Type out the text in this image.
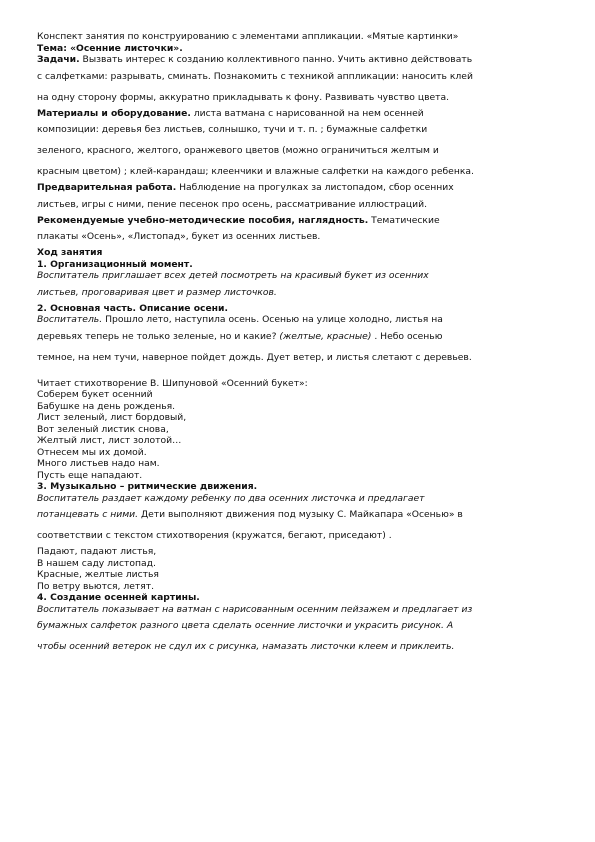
Конспект занятия по конструированию с элементами аппликации. «Мятые картинки»
Тема: «Осенние листочки».
Задачи. Вызвать интерес к созданию коллективного панно. Учить активно действовать
с салфетками: разрывать, сминать. Познакомить с техникой аппликации: наносить клей
на одну сторону формы, аккуратно прикладывать к фону. Развивать чувство цвета.
Материалы и оборудование. листа ватмана с нарисованной на нем осенней
композиции: деревья без листьев, солнышко, тучи и т. п. ; бумажные салфетки
зеленого, красного, желтого, оранжевого цветов (можно ограничиться желтым и
красным цветом) ; клей-карандаш; клеенчики и влажные салфетки на каждого ребенка.
Предварительная работа. Наблюдение на прогулках за листопадом, сбор осенних
листьев, игры с ними, пение песенок про осень, рассматривание иллюстраций.
Рекомендуемые учебно-методические пособия, наглядность. Тематические
плакаты «Осень», «Листопад», букет из осенних листьев.
Ход занятия
1. Организационный момент.
Воспитатель приглашает всех детей посмотреть на красивый букет из осенних
листьев, проговаривая цвет и размер листочков.
2. Основная часть. Описание осени.
Воспитатель. Прошло лето, наступила осень. Осенью на улице холодно, листья на
деревьях теперь не только зеленые, но и какие? (желтые, красные) . Небо осенью
темное, на нем тучи, наверное пойдет дождь. Дует ветер, и листья слетают с деревьев.
Читает стихотворение В. Шипуновой «Осенний букет»:
Соберем букет осенний
Бабушке на день рожденья.
Лист зеленый, лист бордовый,
Вот зеленый листик снова,
Желтый лист, лист золотой…
Отнесем мы их домой.
Много листьев надо нам.
Пусть еще нападают.
3. Музыкально – ритмические движения.
Воспитатель раздает каждому ребенку по два осенних листочка и предлагает
потанцевать с ними. Дети выполняют движения под музыку С. Майкапара «Осенью» в
соответствии с текстом стихотворения (кружатся, бегают, приседают) .
Падают, падают листья,
В нашем саду листопад.
Красные, желтые листья
По ветру вьются, летят.
4. Создание осенней картины.
Воспитатель показывает на ватман с нарисованным осенним пейзажем и предлагает из
бумажных салфеток разного цвета сделать осенние листочки и украсить рисунок. А
чтобы осенний ветерок не сдул их с рисунка, намазать листочки клеем и приклеить.
